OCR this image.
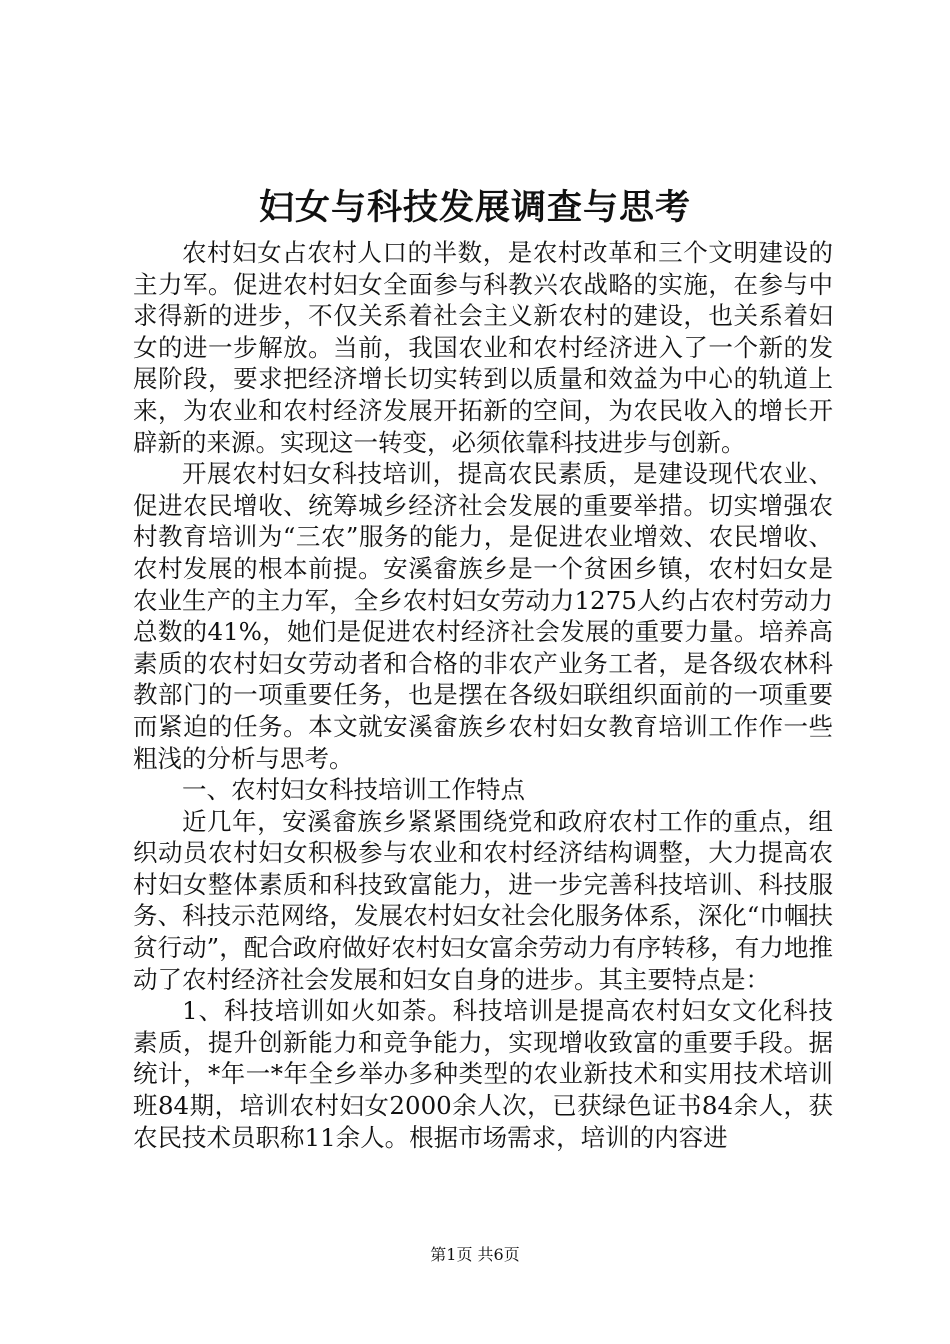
妇女与科技发展调查与思考

农村妇女占农村人口的半数，是农村改革和三个文明建设的主力军。促进农村妇女全面参与科教兴农战略的实施，在参与中求得新的进步，不仅关系着社会主义新农村的建设，也关系着妇女的进一步解放。当前，我国农业和农村经济进入了一个新的发展阶段，要求把经济增长切实转到以质量和效益为中心的轨道上来，为农业和农村经济发展开拓新的空间，为农民收入的增长开辟新的来源。实现这一转变，必须依靠科技进步与创新。

开展农村妇女科技培训，提高农民素质，是建设现代农业、促进农民增收、统筹城乡经济社会发展的重要举措。切实增强农村教育培训为“三农”服务的能力，是促进农业增效、农民增收、农村发展的根本前提。安溪畲族乡是一个贫困乡镇，农村妇女是农业生产的主力军，全乡农村妇女劳动力1275人约占农村劳动力总数的41%，她们是促进农村经济社会发展的重要力量。培养高素质的农村妇女劳动者和合格的非农产业务工者，是各级农林科教部门的一项重要任务，也是摆在各级妇联组织面前的一项重要而紧迫的任务。本文就安溪畲族乡农村妇女教育培训工作作一些粗浅的分析与思考。

一、农村妇女科技培训工作特点

近几年，安溪畲族乡紧紧围绕党和政府农村工作的重点，组织动员农村妇女积极参与农业和农村经济结构调整，大力提高农村妇女整体素质和科技致富能力，进一步完善科技培训、科技服务、科技示范网络，发展农村妇女社会化服务体系，深化“巾帼扶贫行动”，配合政府做好农村妇女富余劳动力有序转移，有力地推动了农村经济社会发展和妇女自身的进步。其主要特点是：

1、科技培训如火如荼。科技培训是提高农村妇女文化科技素质，提升创新能力和竞争能力，实现增收致富的重要手段。据统计，*年一*年全乡举办多种类型的农业新技术和实用技术培训班84期，培训农村妇女2000余人次，已获绿色证书84余人，获农民技术员职称11余人。根据市场需求，培训的内容进

第1页 共6页
